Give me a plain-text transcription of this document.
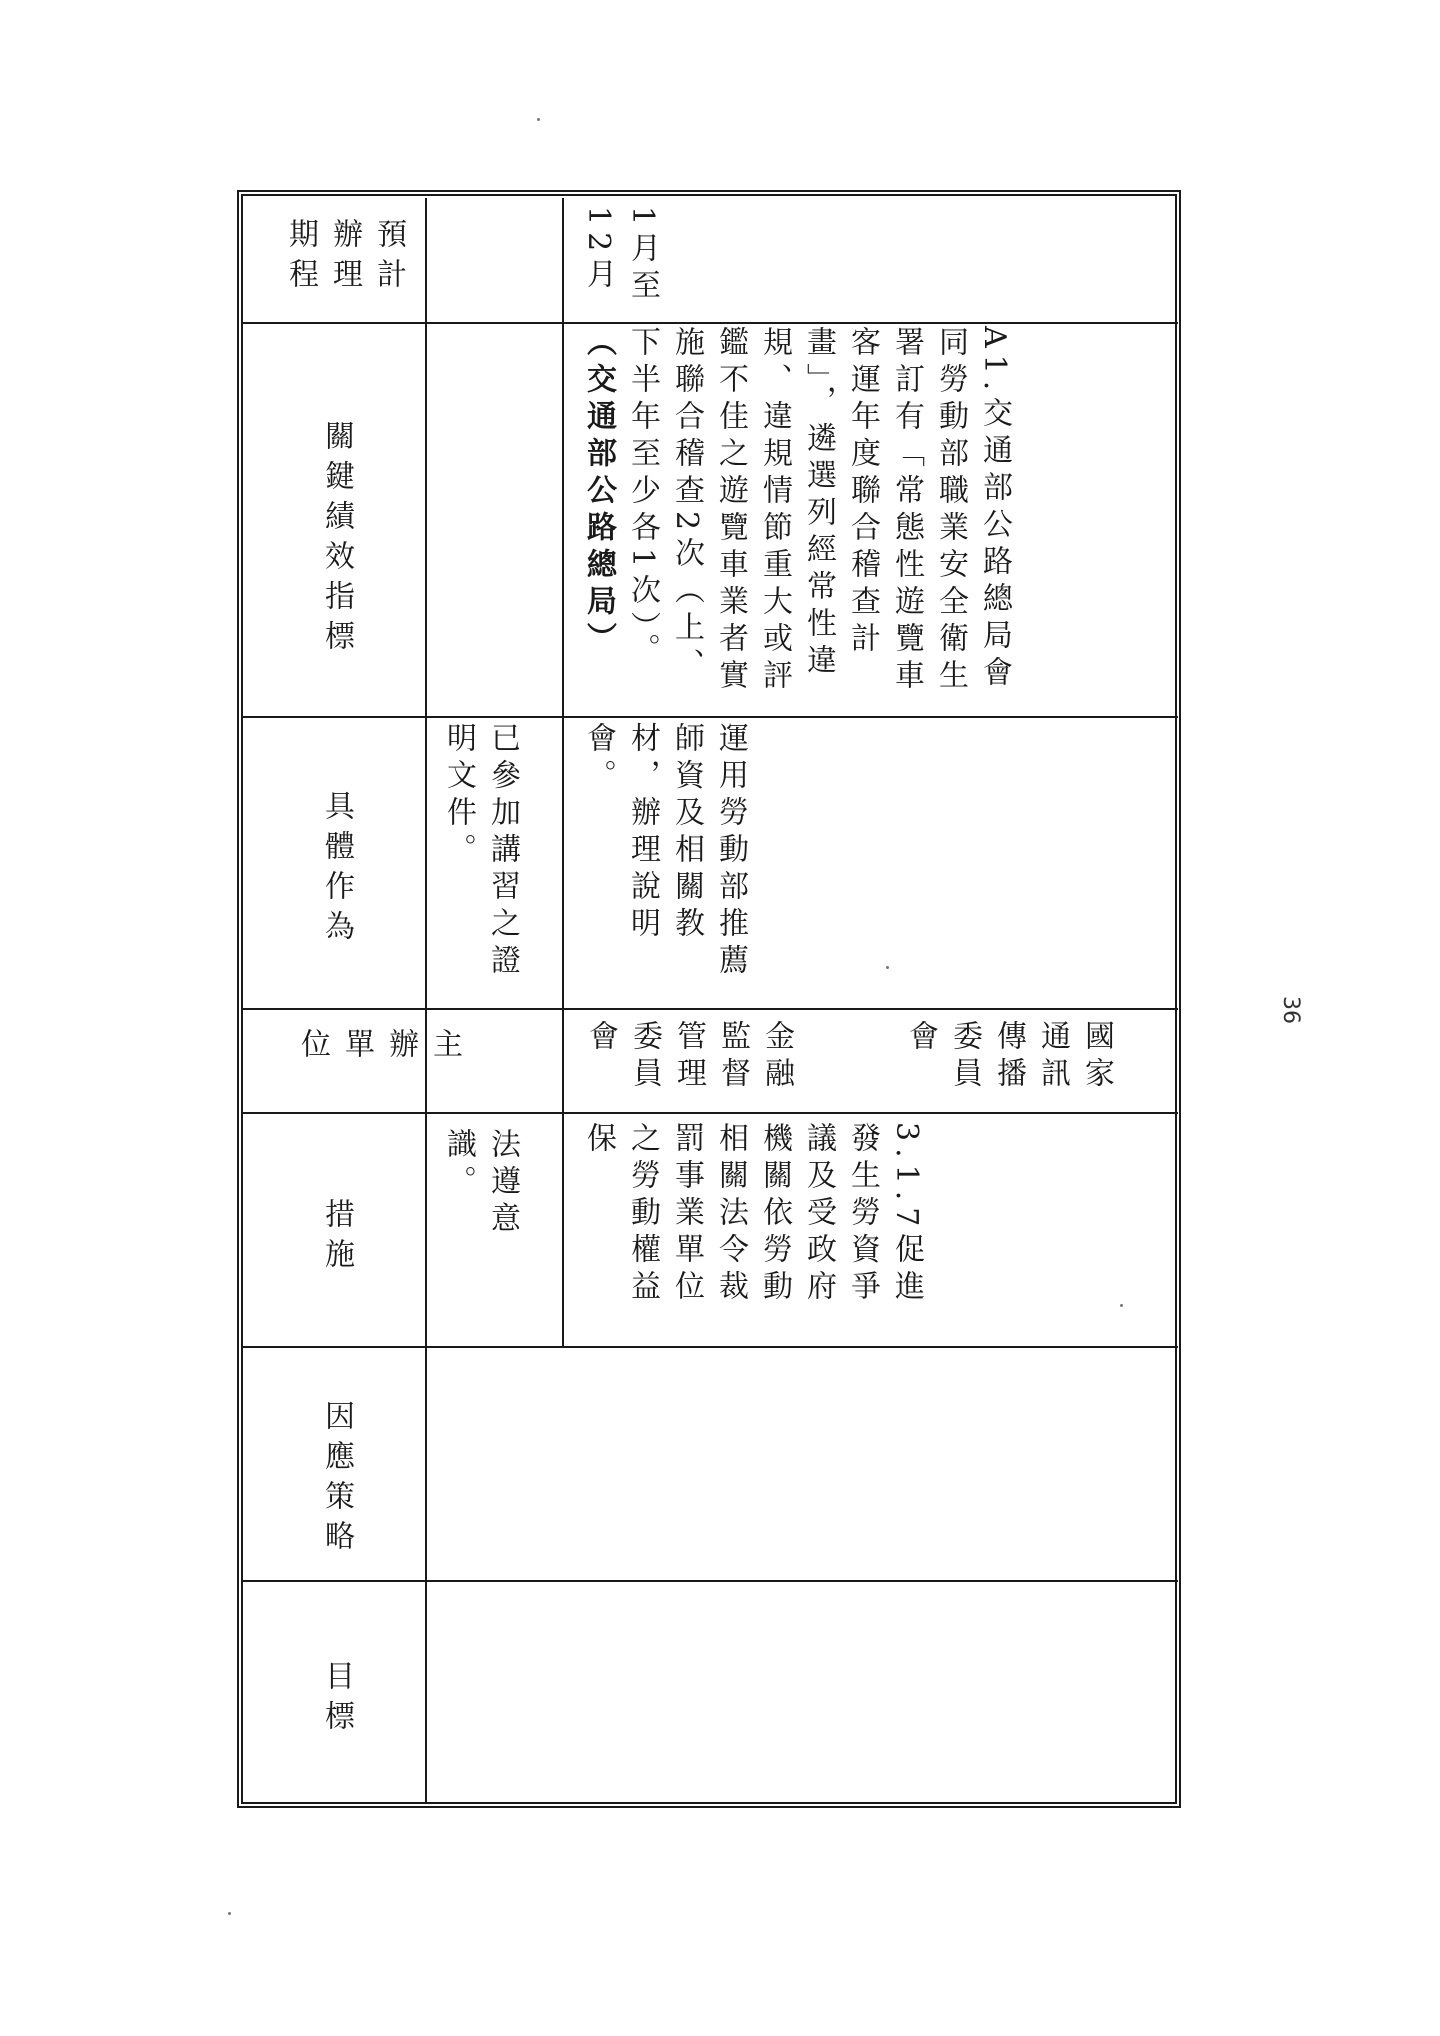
預計辦理期程
關鍵績效指標
具體作為
主辦單位
措施
因應策略
目標
法遵意識。
已參加講習之證明文件。
3.1.7促進發生勞資爭議及受政府機關依勞動相關法令裁罰事業單位之勞動權益保
金融監督管理委員會	國家通訊傳播委員會
運用勞動部推薦師資及相關教材，辦理說明會。
A1.交通部公路總局會同勞動部職業安全衛生署訂有「常態性遊覽車客運年度聯合稽查計畫」，遴選列經常性違規、違規情節重大或評鑑不佳之遊覽車業者實施聯合稽查2次（上、下半年至少各1次）。（交通部公路總局）
1月至12月
36
